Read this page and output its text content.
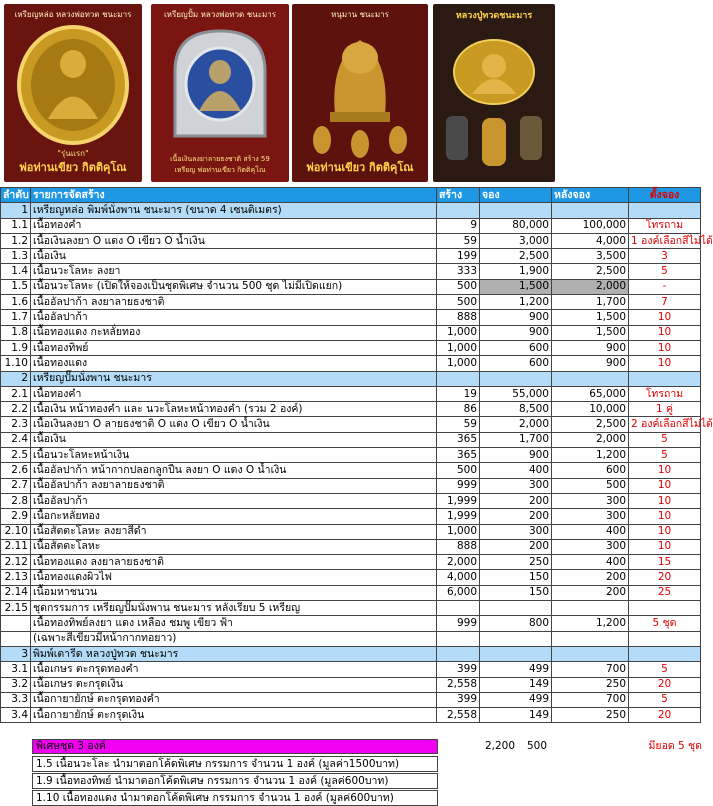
เหรียญหล่อ หลวงพ่อทวด ชนะมาร
"รุ่นแรก"
พ่อท่านเขียว กิตติคุโณ
เหรียญปั้ม หลวงพ่อทวด ชนะมาร
เนื้อเงินลงยาลายธงชาติ สร้าง 59 เหรียญ พ่อท่านเขียว กิตติคุโณ
หนุมาน ชนะมาร
พ่อท่านเขียว กิตติคุโณ
หลวงปู่ทวดชนะมาร
ลำดับ	รายการจัดสร้าง	สร้าง	จอง	หลังจอง	ตั้งจอง
1	เหรียญหล่อ พิมพ์นั่งพาน ชนะมาร (ขนาด 4 เซนติเมตร)				
1.1	เนื้อทองคำ	9	80,000	100,000	โทรถาม
1.2	เนื้อเงินลงยา O แดง O เขียว O น้ำเงิน	59	3,000	4,000	1 องค์เลือกสีไม่ได้
1.3	เนื้อเงิน	199	2,500	3,500	3
1.4	เนื้อนวะโลหะ ลงยา	333	1,900	2,500	5
1.5	เนื้อนวะโลหะ (เปิดให้จองเป็นชุดพิเศษ จำนวน 500 ชุด ไม่มีเปิดแยก)	500	1,500	2,000	-
1.6	เนื้ออัลปาก้า ลงยาลายธงชาติ	500	1,200	1,700	7
1.7	เนื้ออัลปาก้า	888	900	1,500	10
1.8	เนื้อทองแดง กะหลั่ยทอง	1,000	900	1,500	10
1.9	เนื้อทองทิพย์	1,000	600	900	10
1.10	เนื้อทองแดง	1,000	600	900	10
2	เหรียญปั๊มนั่งพาน ชนะมาร				
2.1	เนื้อทองคำ	19	55,000	65,000	โทรถาม
2.2	เนื้อเงิน หน้าทองคำ และ นวะโลหะหน้าทองคำ (รวม 2 องค์)	86	8,500	10,000	1 คู่
2.3	เนื้อเงินลงยา O ลายธงชาติ O แดง O เขียว O น้ำเงิน	59	2,000	2,500	2 องค์เลือกสีไม่ได้
2.4	เนื้อเงิน	365	1,700	2,000	5
2.5	เนื้อนวะโลหะหน้าเงิน	365	900	1,200	5
2.6	เนื้ออัลปาก้า หน้ากากปลอกลูกปืน ลงยา O แดง O น้ำเงิน	500	400	600	10
2.7	เนื้ออัลปาก้า ลงยาลายธงชาติ	999	300	500	10
2.8	เนื้ออัลปาก้า	1,999	200	300	10
2.9	เนื้อกะหลั่ยทอง	1,999	200	300	10
2.10	เนื้อสัตตะโลหะ ลงยาสีดำ	1,000	300	400	10
2.11	เนื้อสัตตะโลหะ	888	200	300	10
2.12	เนื้อทองแดง ลงยาลายธงชาติ	2,000	250	400	15
2.13	เนื้อทองแดงผิวไฟ	4,000	150	200	20
2.14	เนื้อมหาชนวน	6,000	150	200	25
2.15	ชุดกรรมการ เหรียญปั๊มนั่งพาน ชนะมาร หลังเรียบ 5 เหรียญ				
	เนื้อทองทิพย์ลงยา แดง เหลือง ชมพู เขียว ฟ้า	999	800	1,200	5 ชุด
	(เฉพาะสีเขียวมีหน้ากากทอยาว)				
3	พิมพ์เตารีด หลวงปู่ทวด ชนะมาร				
3.1	เนื้อเกษร ตะกรุดทองคำ	399	499	700	5
3.2	เนื้อเกษร ตะกรุดเงิน	2,558	149	250	20
3.3	เนื้อกายายักษ์ ตะกรุดทองคำ	399	499	700	5
3.4	เนื้อกายายักษ์ ตะกรุดเงิน	2,558	149	250	20
พิเศษชุด 3 องค์	2,200	500	มียอด 5 ชุด
1.5 เนื้อนวะโละ นำมาตอกโค้ดพิเศษ กรรมการ จำนวน 1 องค์ (มูลค่า1500บาท)
1.9 เนื้อทองทิพย์ นำมาตอกโค้ดพิเศษ กรรมการ จำนวน 1 องค์ (มูลค่600บาท)
1.10 เนื้อทองแดง นำมาตอกโค้ดพิเศษ กรรมการ จำนวน 1 องค์ (มูลค่600บาท)
